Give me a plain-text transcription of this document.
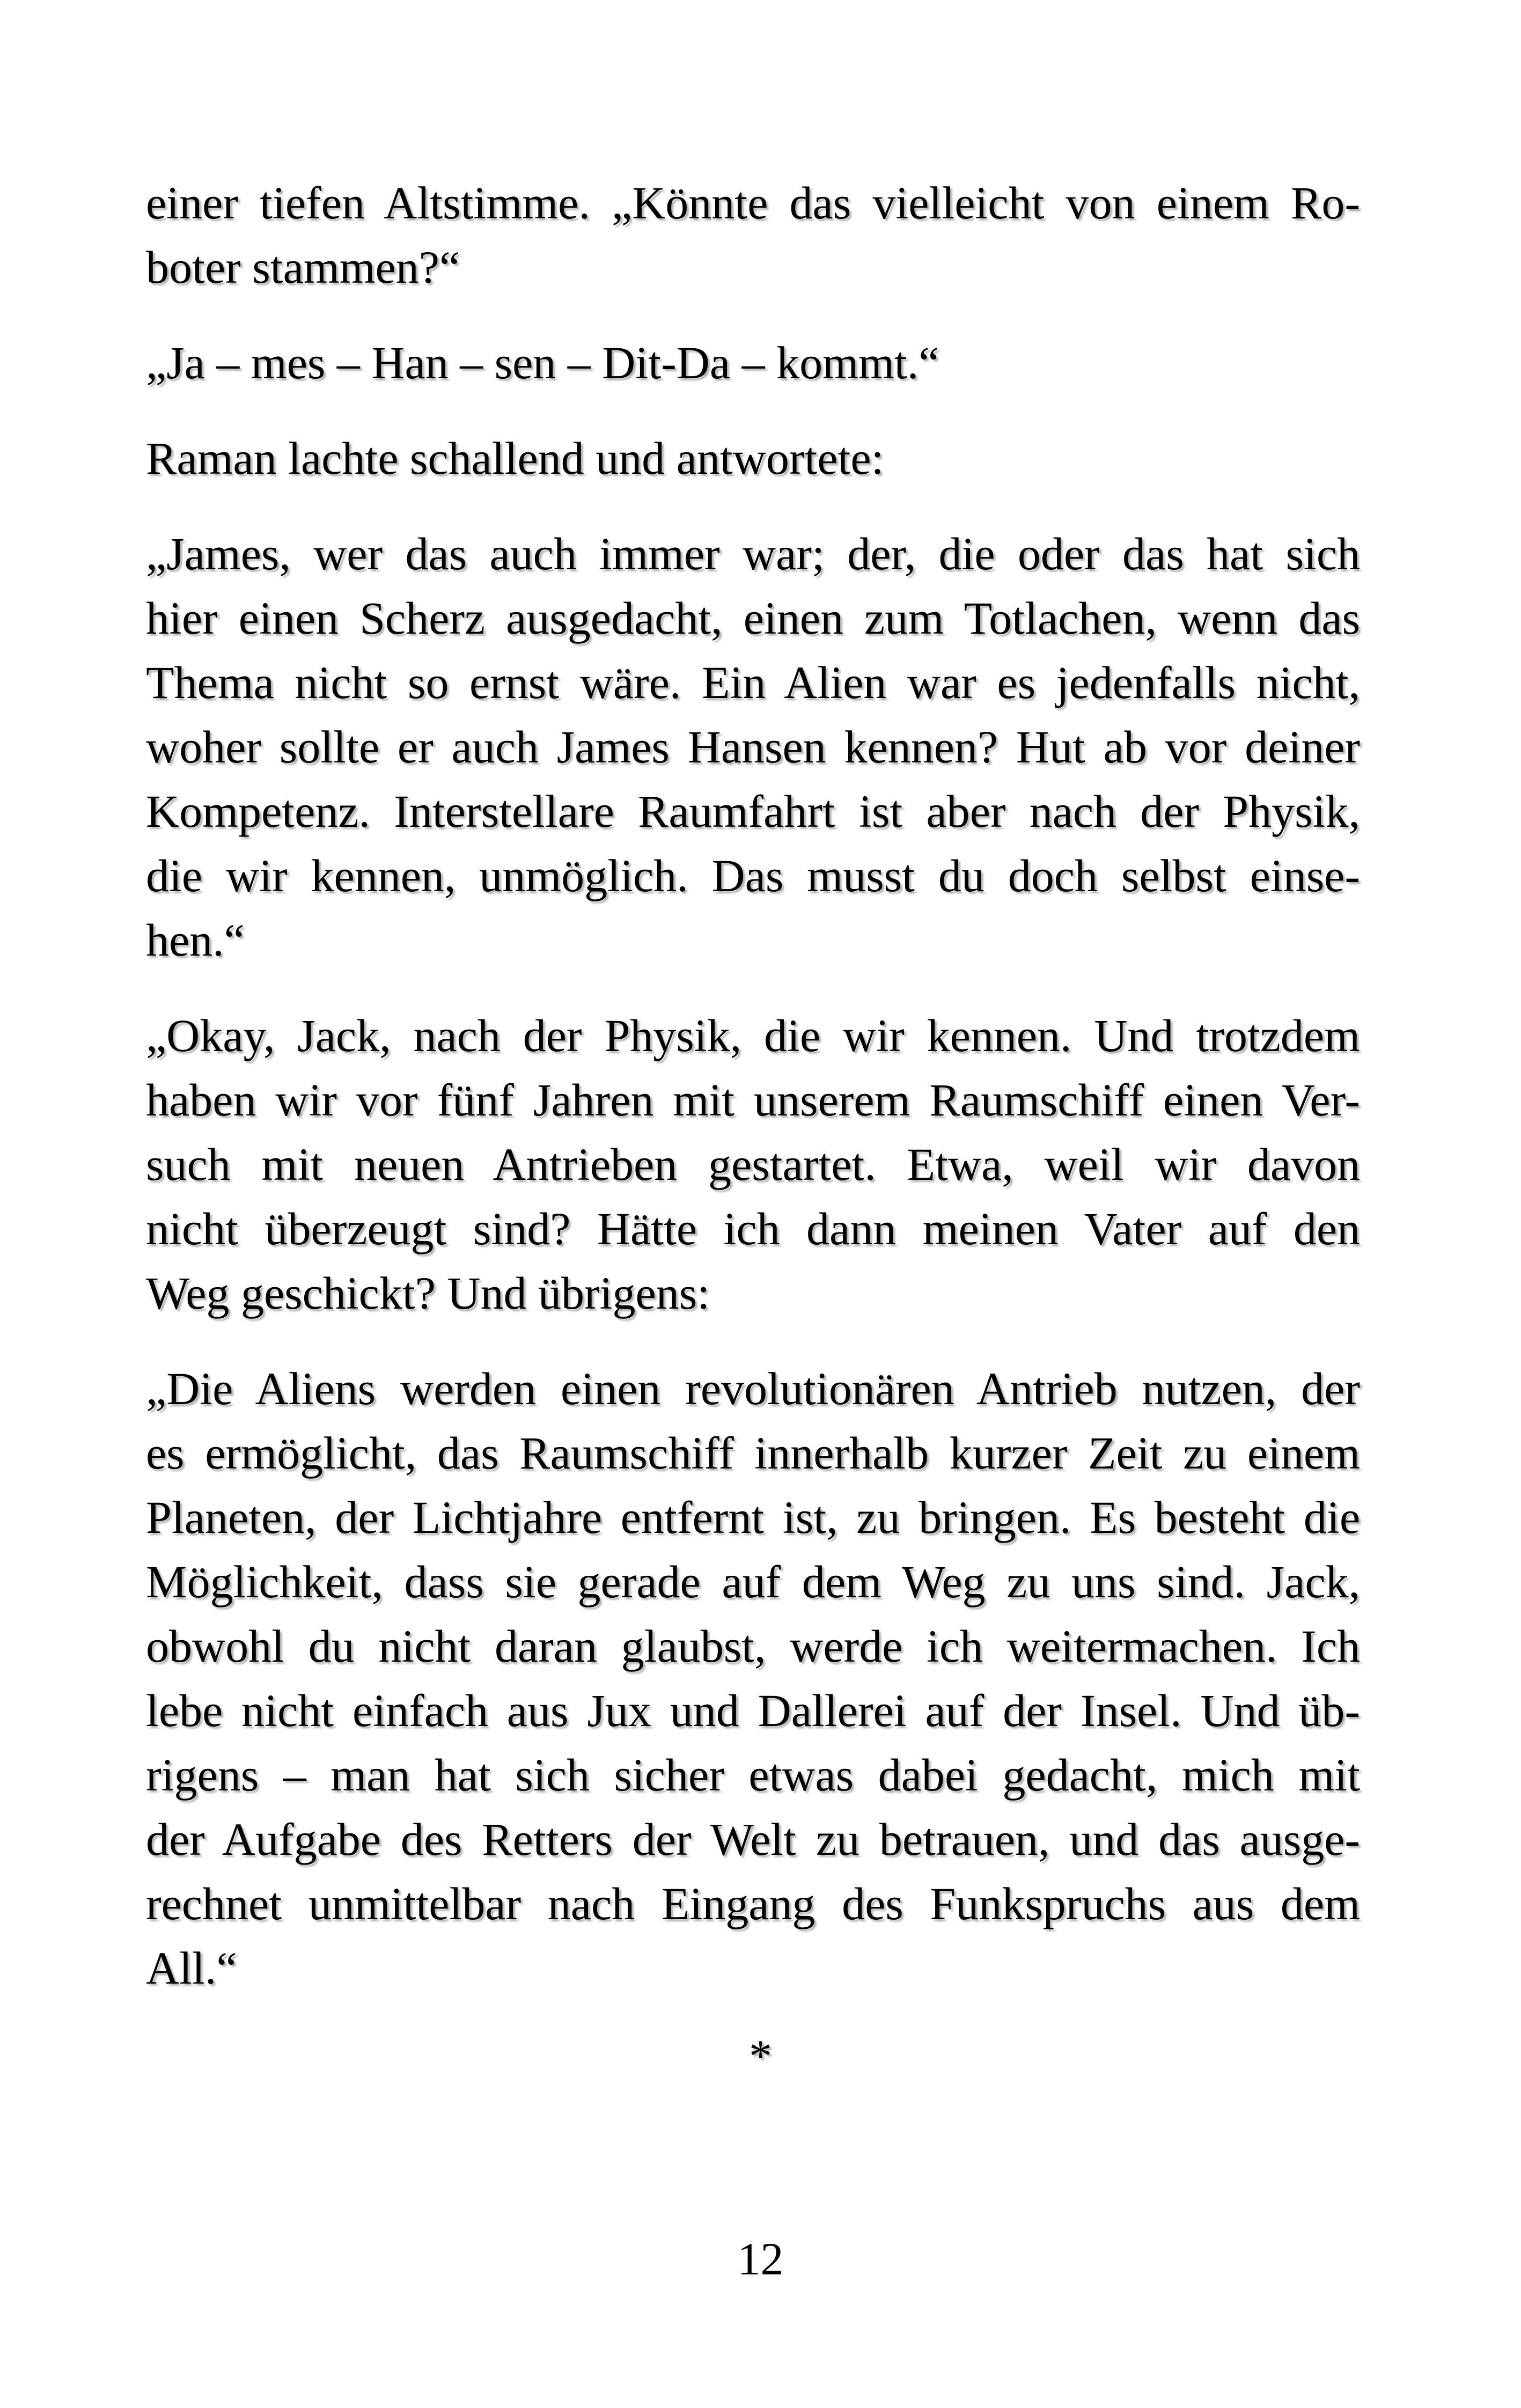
einer tiefen Altstimme. „Könnte das vielleicht von einem Ro-
boter stammen?“

„Ja – mes – Han – sen – Dit-Da – kommt.“

Raman lachte schallend und antwortete:

„James, wer das auch immer war; der, die oder das hat sich
hier einen Scherz ausgedacht, einen zum Totlachen, wenn das
Thema nicht so ernst wäre. Ein Alien war es jedenfalls nicht,
woher sollte er auch James Hansen kennen? Hut ab vor deiner
Kompetenz. Interstellare Raumfahrt ist aber nach der Physik,
die wir kennen, unmöglich. Das musst du doch selbst einse-
hen.“

„Okay, Jack, nach der Physik, die wir kennen. Und trotzdem
haben wir vor fünf Jahren mit unserem Raumschiff einen Ver-
such mit neuen Antrieben gestartet. Etwa, weil wir davon
nicht überzeugt sind? Hätte ich dann meinen Vater auf den
Weg geschickt? Und übrigens:

„Die Aliens werden einen revolutionären Antrieb nutzen, der
es ermöglicht, das Raumschiff innerhalb kurzer Zeit zu einem
Planeten, der Lichtjahre entfernt ist, zu bringen. Es besteht die
Möglichkeit, dass sie gerade auf dem Weg zu uns sind. Jack,
obwohl du nicht daran glaubst, werde ich weitermachen. Ich
lebe nicht einfach aus Jux und Dallerei auf der Insel. Und üb-
rigens – man hat sich sicher etwas dabei gedacht, mich mit
der Aufgabe des Retters der Welt zu betrauen, und das ausge-
rechnet unmittelbar nach Eingang des Funkspruchs aus dem
All.“

*
12
